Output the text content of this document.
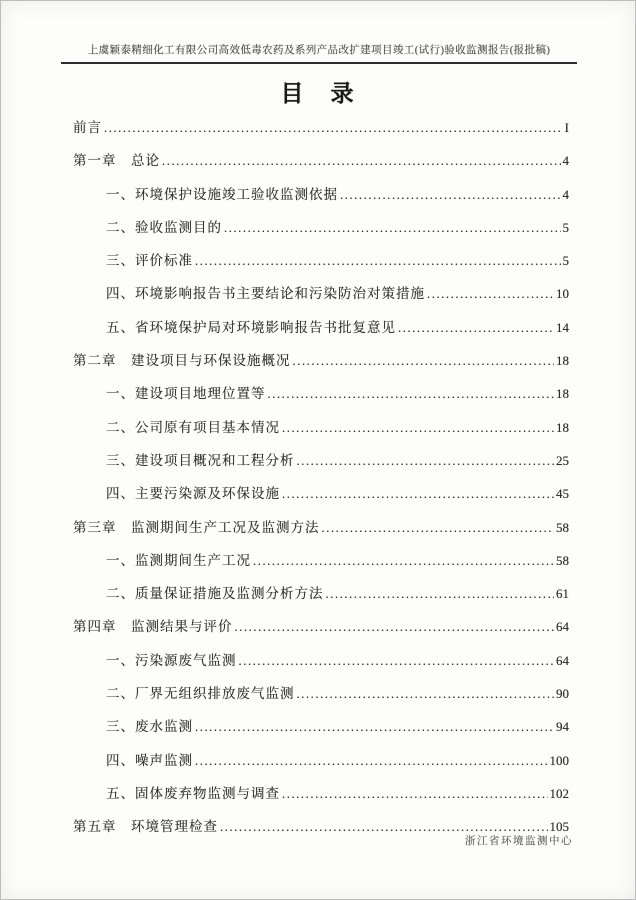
上虞颖泰精细化工有限公司高效低毒农药及系列产品改扩建项目竣工(试行)验收监测报告(报批稿)
目　录
前言 .....	I
第一章　总论 .....	4
一、环境保护设施竣工验收监测依据 .....	4
二、验收监测目的 .....	5
三、评价标准 .....	5
四、环境影响报告书主要结论和污染防治对策措施 .....	10
五、省环境保护局对环境影响报告书批复意见 .....	14
第二章　建设项目与环保设施概况 .....	18
一、建设项目地理位置等 .....	18
二、公司原有项目基本情况 .....	18
三、建设项目概况和工程分析 .....	25
四、主要污染源及环保设施 .....	45
第三章　监测期间生产工况及监测方法 .....	58
一、监测期间生产工况 .....	58
二、质量保证措施及监测分析方法 .....	61
第四章　监测结果与评价 .....	64
一、污染源废气监测 .....	64
二、厂界无组织排放废气监测 .....	90
三、废水监测 .....	94
四、噪声监测 .....	100
五、固体废弃物监测与调查 .....	102
第五章　环境管理检查 .....	105
浙江省环境监测中心
